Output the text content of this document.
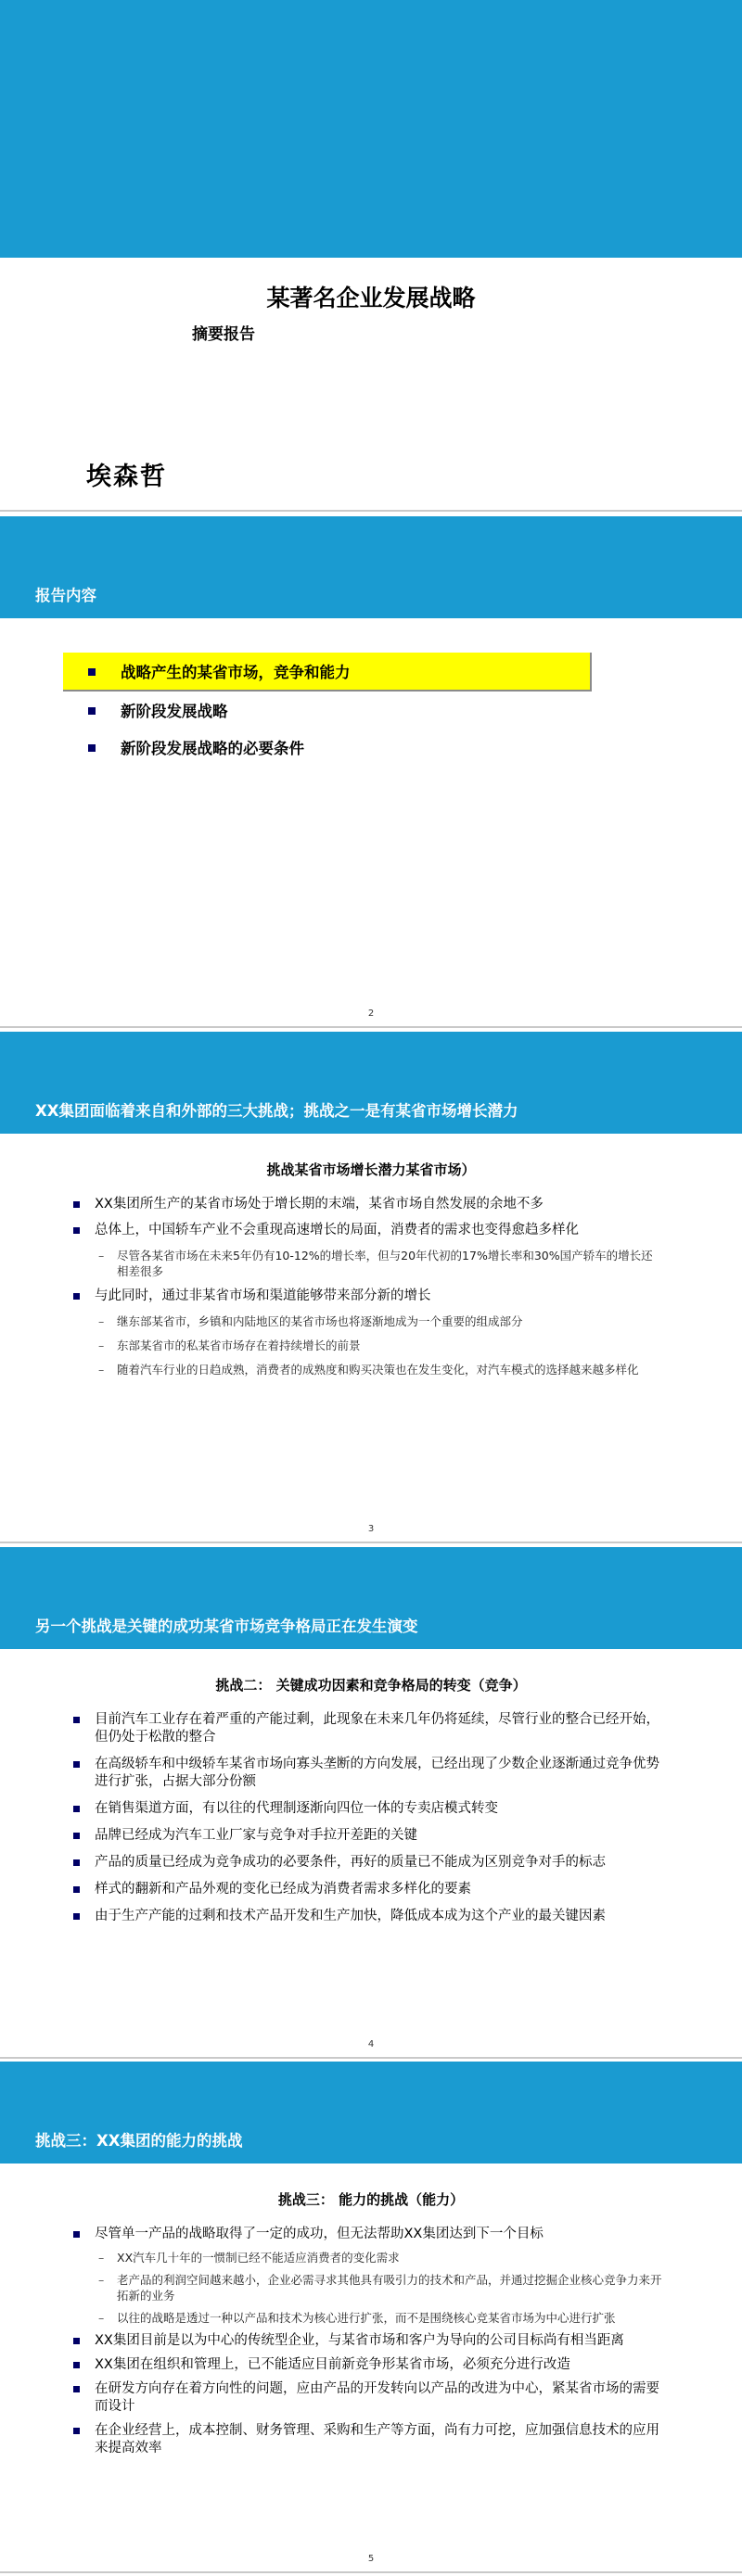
某著名企业发展战略
摘要报告
埃森哲
报告内容
战略产生的某省市场，竞争和能力
新阶段发展战略
新阶段发展战略的必要条件
2
XX集团面临着来自和外部的三大挑战；挑战之一是有某省市场增长潜力
挑战某省市场增长潜力某省市场）
XX集团所生产的某省市场处于增长期的末端，某省市场自然发展的余地不多
总体上，中国轿车产业不会重现高速增长的局面，消费者的需求也变得愈趋多样化
– 尽管各某省市场在未来5年仍有10-12%的增长率，但与20年代初的17%增长率和30%国产轿车的增长还相差很多
与此同时，通过非某省市场和渠道能够带来部分新的增长
– 继东部某省市，乡镇和内陆地区的某省市场也将逐渐地成为一个重要的组成部分
– 东部某省市的私某省市场存在着持续增长的前景
– 随着汽车行业的日趋成熟，消费者的成熟度和购买决策也在发生变化，对汽车模式的选择越来越多样化
3
另一个挑战是关键的成功某省市场竞争格局正在发生演变
挑战二： 关键成功因素和竞争格局的转变（竞争）
目前汽车工业存在着严重的产能过剩，此现象在未来几年仍将延续，尽管行业的整合已经开始，但仍处于松散的整合
在高级轿车和中级轿车某省市场向寡头垄断的方向发展，已经出现了少数企业逐渐通过竞争优势进行扩张，占据大部分份额
在销售渠道方面，有以往的代理制逐渐向四位一体的专卖店模式转变
品牌已经成为汽车工业厂家与竞争对手拉开差距的关键
产品的质量已经成为竞争成功的必要条件，再好的质量已不能成为区别竞争对手的标志
样式的翻新和产品外观的变化已经成为消费者需求多样化的要素
由于生产产能的过剩和技术产品开发和生产加快，降低成本成为这个产业的最关键因素
4
挑战三：XX集团的能力的挑战
挑战三： 能力的挑战（能力）
尽管单一产品的战略取得了一定的成功，但无法帮助XX集团达到下一个目标
– XX汽车几十年的一惯制已经不能适应消费者的变化需求
– 老产品的利润空间越来越小，企业必需寻求其他具有吸引力的技术和产品，并通过挖掘企业核心竞争力来开拓新的业务
– 以往的战略是透过一种以产品和技术为核心进行扩张，而不是围绕核心竞某省市场为中心进行扩张
XX集团目前是以为中心的传统型企业，与某省市场和客户为导向的公司目标尚有相当距离
XX集团在组织和管理上，已不能适应目前新竞争形某省市场，必须充分进行改造
在研发方向存在着方向性的问题，应由产品的开发转向以产品的改进为中心，紧某省市场的需要而设计
在企业经营上，成本控制、财务管理、采购和生产等方面，尚有力可挖，应加强信息技术的应用来提高效率
5
